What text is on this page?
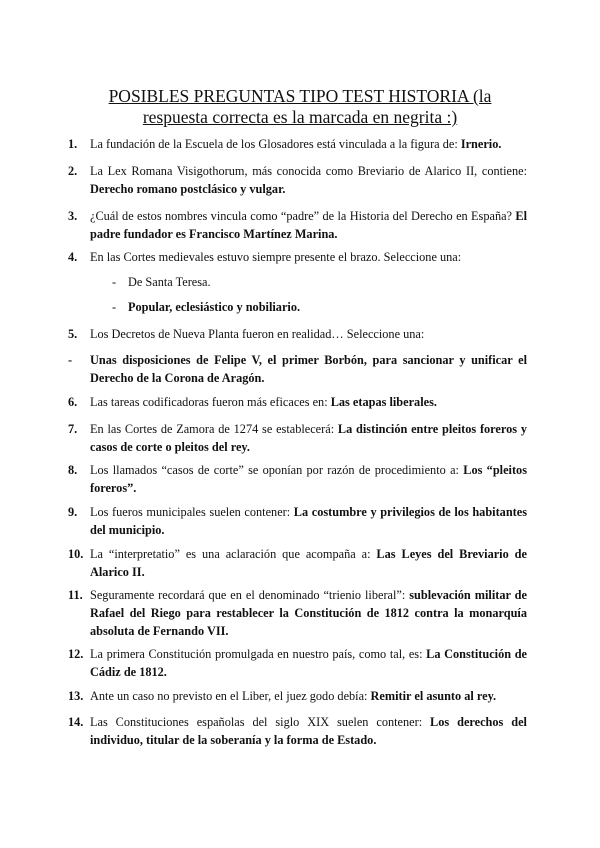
POSIBLES PREGUNTAS TIPO TEST HISTORIA (la respuesta correcta es la marcada en negrita :)
1. La fundación de la Escuela de los Glosadores está vinculada a la figura de: Irnerio.
2. La Lex Romana Visigothorum, más conocida como Breviario de Alarico II, contiene: Derecho romano postclásico y vulgar.
3. ¿Cuál de estos nombres vincula como “padre” de la Historia del Derecho en España? El padre fundador es Francisco Martínez Marina.
4. En las Cortes medievales estuvo siempre presente el brazo. Seleccione una:
- De Santa Teresa.
- Popular, eclesiástico y nobiliario.
5. Los Decretos de Nueva Planta fueron en realidad… Seleccione una:
- Unas disposiciones de Felipe V, el primer Borbón, para sancionar y unificar el Derecho de la Corona de Aragón.
6. Las tareas codificadoras fueron más eficaces en: Las etapas liberales.
7. En las Cortes de Zamora de 1274 se establecerá: La distinción entre pleitos foreros y casos de corte o pleitos del rey.
8. Los llamados “casos de corte” se oponían por razón de procedimiento a: Los “pleitos foreros”.
9. Los fueros municipales suelen contener: La costumbre y privilegios de los habitantes del municipio.
10. La “interpretatio” es una aclaración que acompaña a: Las Leyes del Breviario de Alarico II.
11. Seguramente recordará que en el denominado “trienio liberal”: sublevación militar de Rafael del Riego para restablecer la Constitución de 1812 contra la monarquía absoluta de Fernando VII.
12. La primera Constitución promulgada en nuestro país, como tal, es: La Constitución de Cádiz de 1812.
13. Ante un caso no previsto en el Liber, el juez godo debía: Remitir el asunto al rey.
14. Las Constituciones españolas del siglo XIX suelen contener: Los derechos del individuo, titular de la soberanía y la forma de Estado.
